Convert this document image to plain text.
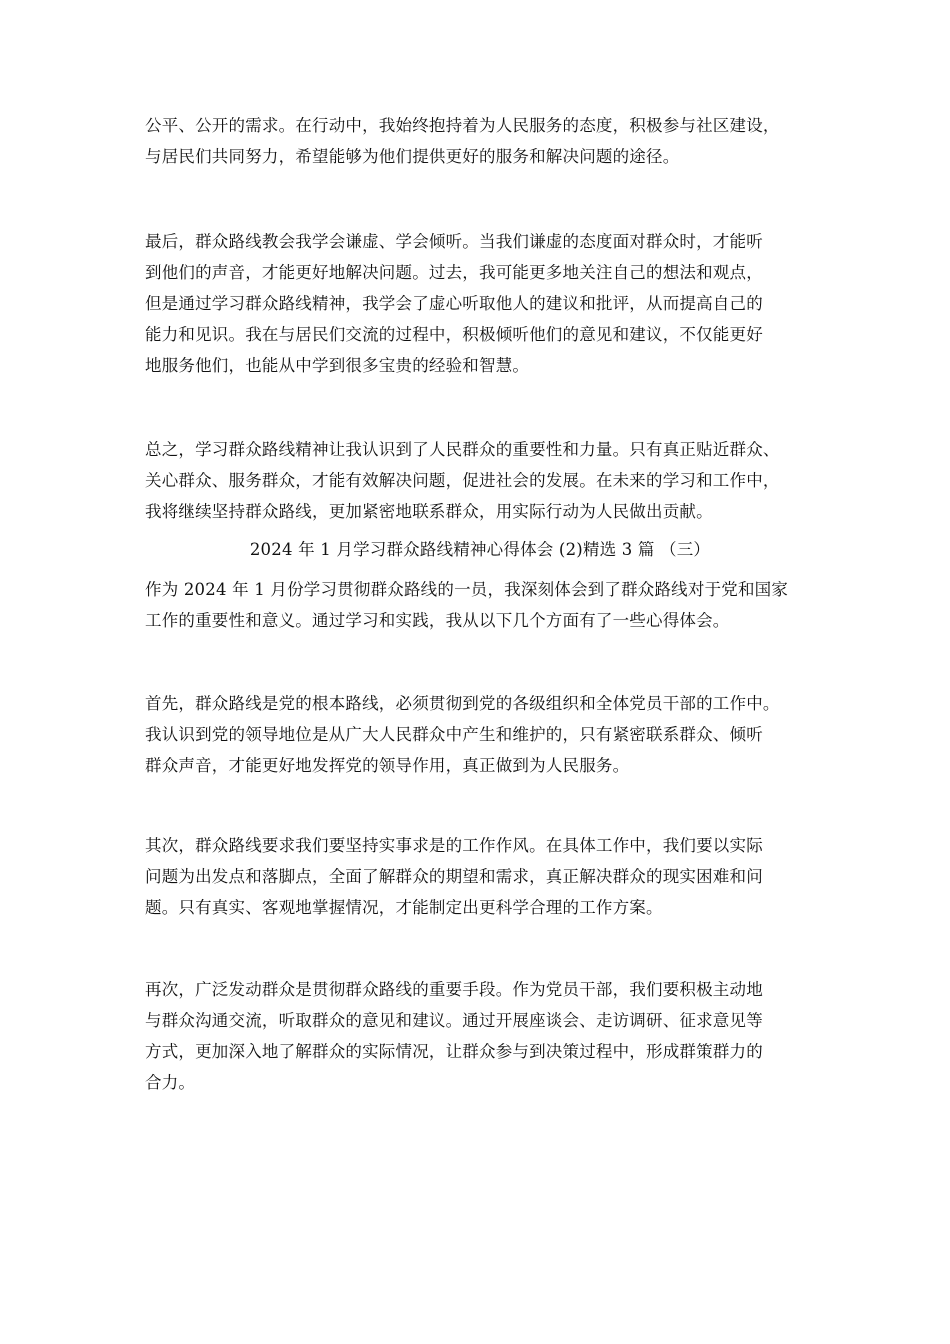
公平、公开的需求。在行动中，我始终抱持着为人民服务的态度，积极参与社区建设，
与居民们共同努力，希望能够为他们提供更好的服务和解决问题的途径。
最后，群众路线教会我学会谦虚、学会倾听。当我们谦虚的态度面对群众时，才能听
到他们的声音，才能更好地解决问题。过去，我可能更多地关注自己的想法和观点，
但是通过学习群众路线精神，我学会了虚心听取他人的建议和批评，从而提高自己的
能力和见识。我在与居民们交流的过程中，积极倾听他们的意见和建议，不仅能更好
地服务他们，也能从中学到很多宝贵的经验和智慧。
总之，学习群众路线精神让我认识到了人民群众的重要性和力量。只有真正贴近群众、
关心群众、服务群众，才能有效解决问题，促进社会的发展。在未来的学习和工作中，
我将继续坚持群众路线，更加紧密地联系群众，用实际行动为人民做出贡献。
2024 年 1 月学习群众路线精神心得体会 (2)精选 3 篇 （三）
作为 2024 年 1 月份学习贯彻群众路线的一员，我深刻体会到了群众路线对于党和国家
工作的重要性和意义。通过学习和实践，我从以下几个方面有了一些心得体会。
首先，群众路线是党的根本路线，必须贯彻到党的各级组织和全体党员干部的工作中。
我认识到党的领导地位是从广大人民群众中产生和维护的，只有紧密联系群众、倾听
群众声音，才能更好地发挥党的领导作用，真正做到为人民服务。
其次，群众路线要求我们要坚持实事求是的工作作风。在具体工作中，我们要以实际
问题为出发点和落脚点，全面了解群众的期望和需求，真正解决群众的现实困难和问
题。只有真实、客观地掌握情况，才能制定出更科学合理的工作方案。
再次，广泛发动群众是贯彻群众路线的重要手段。作为党员干部，我们要积极主动地
与群众沟通交流，听取群众的意见和建议。通过开展座谈会、走访调研、征求意见等
方式，更加深入地了解群众的实际情况，让群众参与到决策过程中，形成群策群力的
合力。
